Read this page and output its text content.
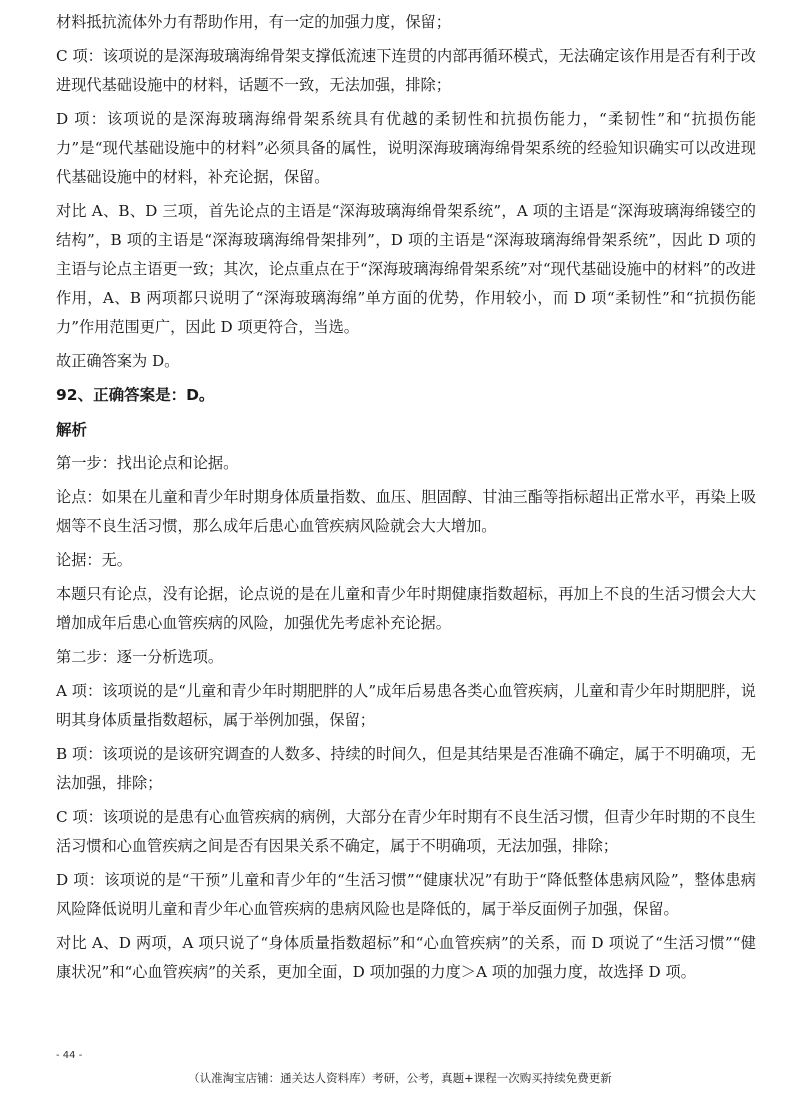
材料抵抗流体外力有帮助作用，有一定的加强力度，保留；

C 项：该项说的是深海玻璃海绵骨架支撑低流速下连贯的内部再循环模式，无法确定该作用是否有利于改进现代基础设施中的材料，话题不一致，无法加强，排除；

D 项：该项说的是深海玻璃海绵骨架系统具有优越的柔韧性和抗损伤能力，“柔韧性”和“抗损伤能力”是“现代基础设施中的材料”必须具备的属性，说明深海玻璃海绵骨架系统的经验知识确实可以改进现代基础设施中的材料，补充论据，保留。

对比 A、B、D 三项，首先论点的主语是“深海玻璃海绵骨架系统”，A 项的主语是“深海玻璃海绵镂空的结构”，B 项的主语是“深海玻璃海绵骨架排列”，D 项的主语是“深海玻璃海绵骨架系统”，因此 D 项的主语与论点主语更一致；其次，论点重点在于“深海玻璃海绵骨架系统”对“现代基础设施中的材料”的改进作用，A、B 两项都只说明了“深海玻璃海绵”单方面的优势，作用较小，而 D 项“柔韧性”和“抗损伤能力”作用范围更广，因此 D 项更符合，当选。

故正确答案为 D。

92、正确答案是：D。

解析

第一步：找出论点和论据。

论点：如果在儿童和青少年时期身体质量指数、血压、胆固醇、甘油三酯等指标超出正常水平，再染上吸烟等不良生活习惯，那么成年后患心血管疾病风险就会大大增加。

论据：无。

本题只有论点，没有论据，论点说的是在儿童和青少年时期健康指数超标，再加上不良的生活习惯会大大增加成年后患心血管疾病的风险，加强优先考虑补充论据。

第二步：逐一分析选项。

A 项：该项说的是“儿童和青少年时期肥胖的人”成年后易患各类心血管疾病，儿童和青少年时期肥胖，说明其身体质量指数超标，属于举例加强，保留；

B 项：该项说的是该研究调查的人数多、持续的时间久，但是其结果是否准确不确定，属于不明确项，无法加强，排除；

C 项：该项说的是患有心血管疾病的病例，大部分在青少年时期有不良生活习惯，但青少年时期的不良生活习惯和心血管疾病之间是否有因果关系不确定，属于不明确项，无法加强，排除；

D 项：该项说的是“干预”儿童和青少年的“生活习惯”“健康状况”有助于“降低整体患病风险”，整体患病风险降低说明儿童和青少年心血管疾病的患病风险也是降低的，属于举反面例子加强，保留。

对比 A、D 两项，A 项只说了“身体质量指数超标”和“心血管疾病”的关系，而 D 项说了“生活习惯”“健康状况”和“心血管疾病”的关系，更加全面，D 项加强的力度＞A 项的加强力度，故选择 D 项。

- 44 -
（认准淘宝店铺：通关达人资料库）考研，公考，真题+课程一次购买持续免费更新
